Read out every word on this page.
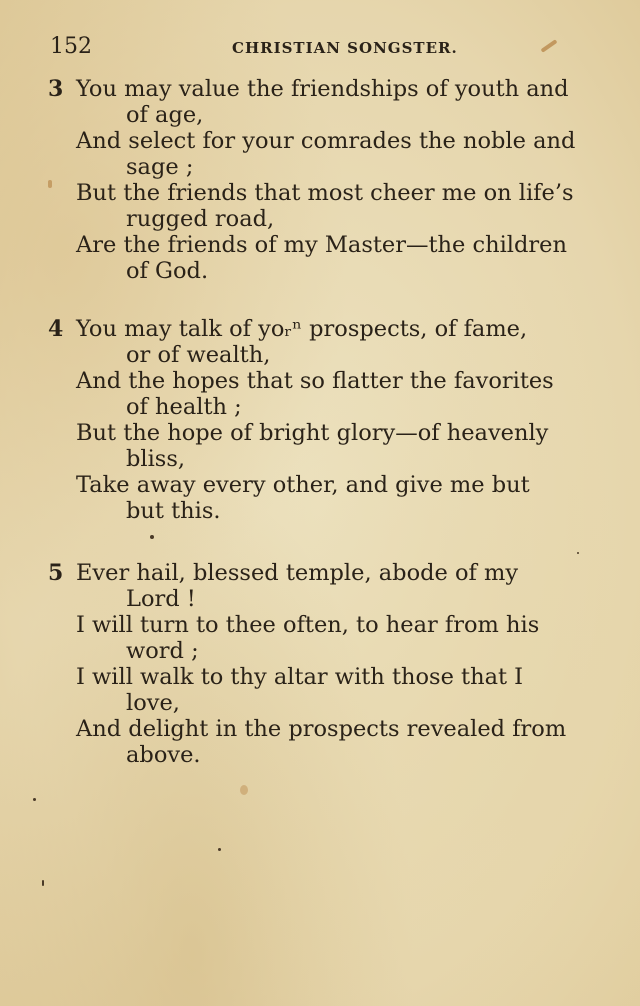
152	CHRISTIAN SONGSTER.
3 You may value the friendships of youth and
of age,
And select for your comrades the noble and
sage ;
But the friends that most cheer me on life’s
rugged road,
Are the friends of my Master—the children
of God.
4 You may talk of yoᵣⁿ prospects, of fame,
or of wealth,
And the hopes that so flatter the favorites
of health ;
But the hope of bright glory—of heavenly
bliss,
Take away every other, and give me but
but this.
5 Ever hail, blessed temple, abode of my
Lord !
I will turn to thee often, to hear from his
word ;
I will walk to thy altar with those that I
love,
And delight in the prospects revealed from
above.
